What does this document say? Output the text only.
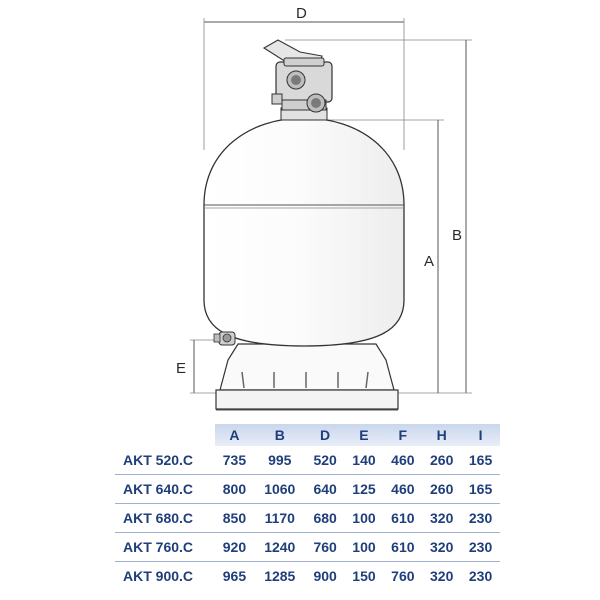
D
B
A
E
	A	B	D	E	F	H	I
AKT 520.C	735	995	520	140	460	260	165
AKT 640.C	800	1060	640	125	460	260	165
AKT 680.C	850	1170	680	100	610	320	230
AKT 760.C	920	1240	760	100	610	320	230
AKT 900.C	965	1285	900	150	760	320	230
